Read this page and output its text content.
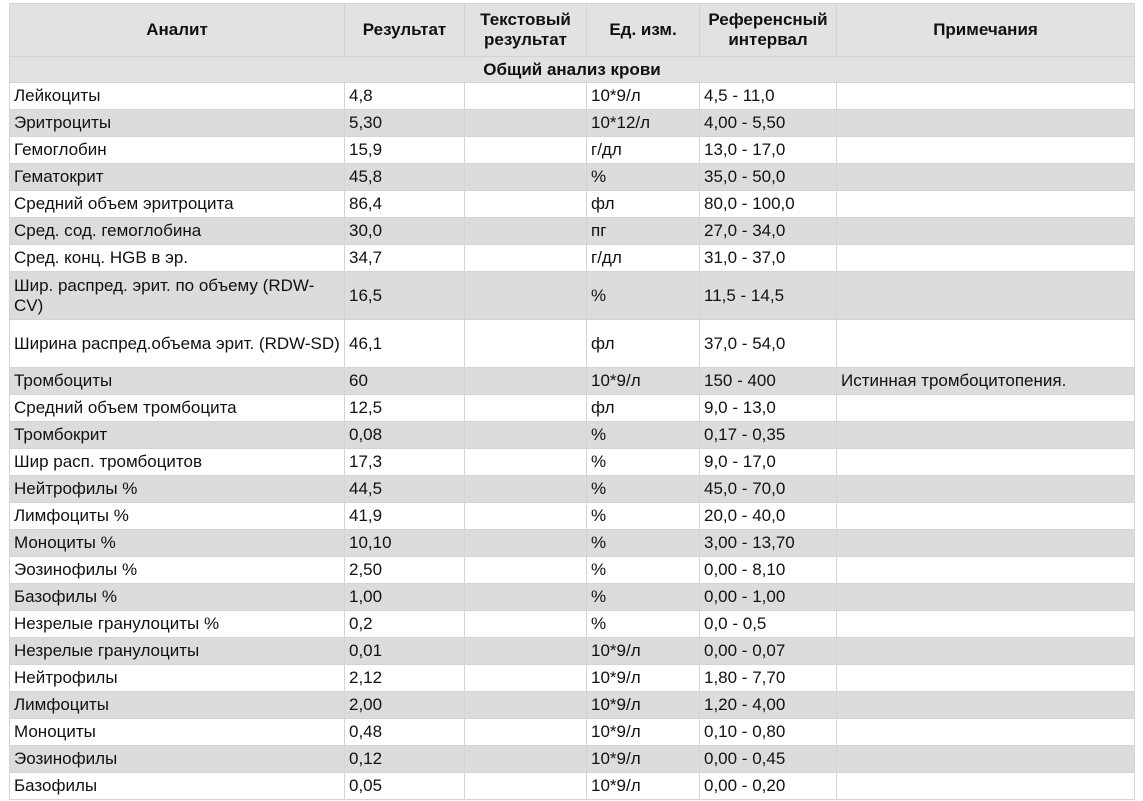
Аналит	Результат	Текстовый результат	Ед. изм.	Референсный интервал	Примечания
Общий анализ крови					
Лейкоциты	4,8		10*9/л	4,5 - 11,0	
Эритроциты	5,30		10*12/л	4,00 - 5,50	
Гемоглобин	15,9		г/дл	13,0 - 17,0	
Гематокрит	45,8		%	35,0 - 50,0	
Средний объем эритроцита	86,4		фл	80,0 - 100,0	
Сред. сод. гемоглобина	30,0		пг	27,0 - 34,0	
Сред. конц. HGB в эр.	34,7		г/дл	31,0 - 37,0	
Шир. распред. эрит. по объему (RDW-CV)	16,5		%	11,5 - 14,5	
Ширина распред.объема эрит. (RDW-SD)	46,1		фл	37,0 - 54,0	
Тромбоциты	60		10*9/л	150 - 400	Истинная тромбоцитопения.
Средний объем тромбоцита	12,5		фл	9,0 - 13,0	
Тромбокрит	0,08		%	0,17 - 0,35	
Шир расп. тромбоцитов	17,3		%	9,0 - 17,0	
Нейтрофилы %	44,5		%	45,0 - 70,0	
Лимфоциты %	41,9		%	20,0 - 40,0	
Моноциты %	10,10		%	3,00 - 13,70	
Эозинофилы %	2,50		%	0,00 - 8,10	
Базофилы %	1,00		%	0,00 - 1,00	
Незрелые гранулоциты %	0,2		%	0,0 - 0,5	
Незрелые гранулоциты	0,01		10*9/л	0,00 - 0,07	
Нейтрофилы	2,12		10*9/л	1,80 - 7,70	
Лимфоциты	2,00		10*9/л	1,20 - 4,00	
Моноциты	0,48		10*9/л	0,10 - 0,80	
Эозинофилы	0,12		10*9/л	0,00 - 0,45	
Базофилы	0,05		10*9/л	0,00 - 0,20	
